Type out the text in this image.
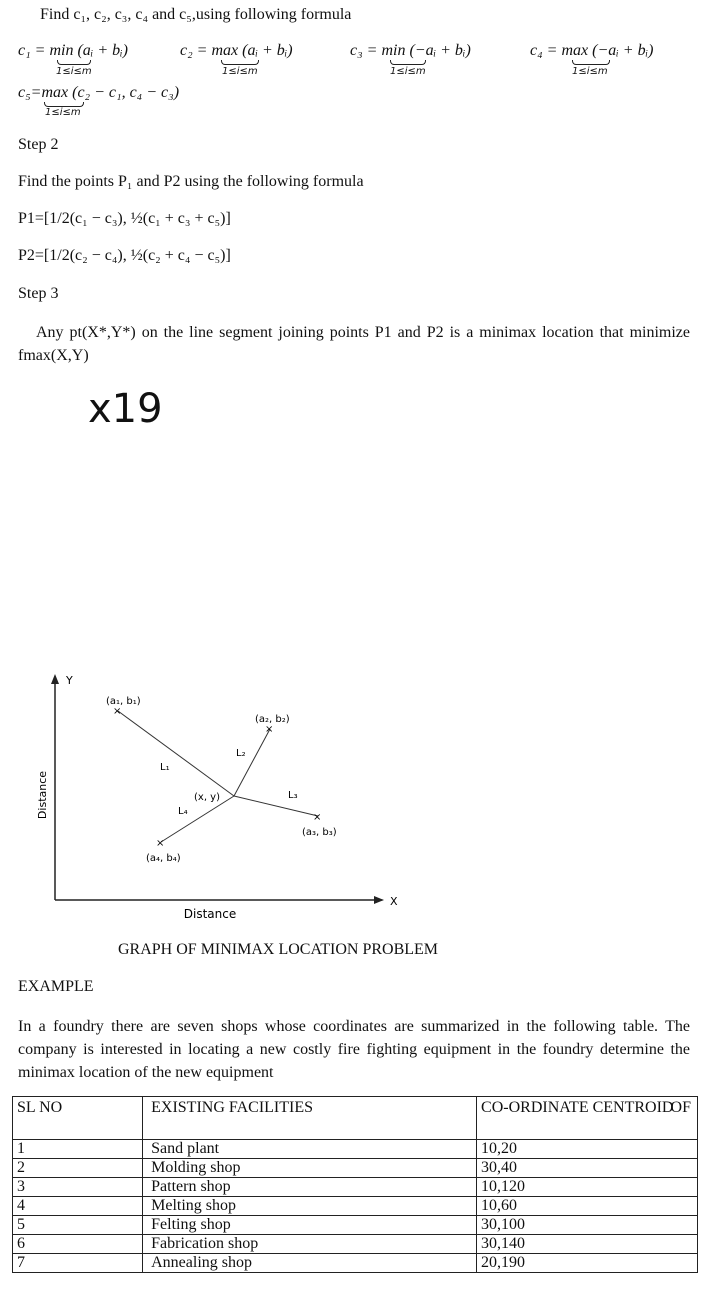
Find c₁, c₂, c₃, c₄ and c₅,using following formula
c₁ = min (aᵢ + bᵢ)
1≤i≤m
c₂ = max (aᵢ + bᵢ)
1≤i≤m
c₃ = min (−aᵢ + bᵢ)
1≤i≤m
c₄ = max (−aᵢ + bᵢ)
1≤i≤m
c₅=max (c₂ − c₁, c₄ − c₃)
1≤i≤m
Step 2
Find the points P₁ and P2 using the following formula
P1=[1/2(c₁ − c₃), ½(c₁ + c₃ + c₅)]
P2=[1/2(c₂ − c₄), ½(c₂ + c₄ − c₅)]
Step 3
Any pt(X*,Y*) on the line segment joining points P1 and P2 is a minimax location that minimize fmax(X,Y)
x19
Y
X
Distance
Distance
×
×
×
×
(a₁, b₁)
(a₂, b₂)
(a₃, b₃)
(a₄, b₄)
(x, y)
L₁
L₂
L₃
L₄
GRAPH OF MINIMAX LOCATION PROBLEM
EXAMPLE
In a foundry there are seven shops whose coordinates are summarized in the following table. The company is interested in locating a new costly fire fighting equipment in the foundry determine the minimax location of the new equipment
SL NO	EXISTING FACILITIES	CO-ORDINATE CENTROID
OF

1	Sand plant	10,20
2	Molding shop	30,40
3	Pattern shop	10,120
4	Melting shop	10,60
5	Felting shop	30,100
6	Fabrication shop	30,140
7	Annealing shop	20,190
